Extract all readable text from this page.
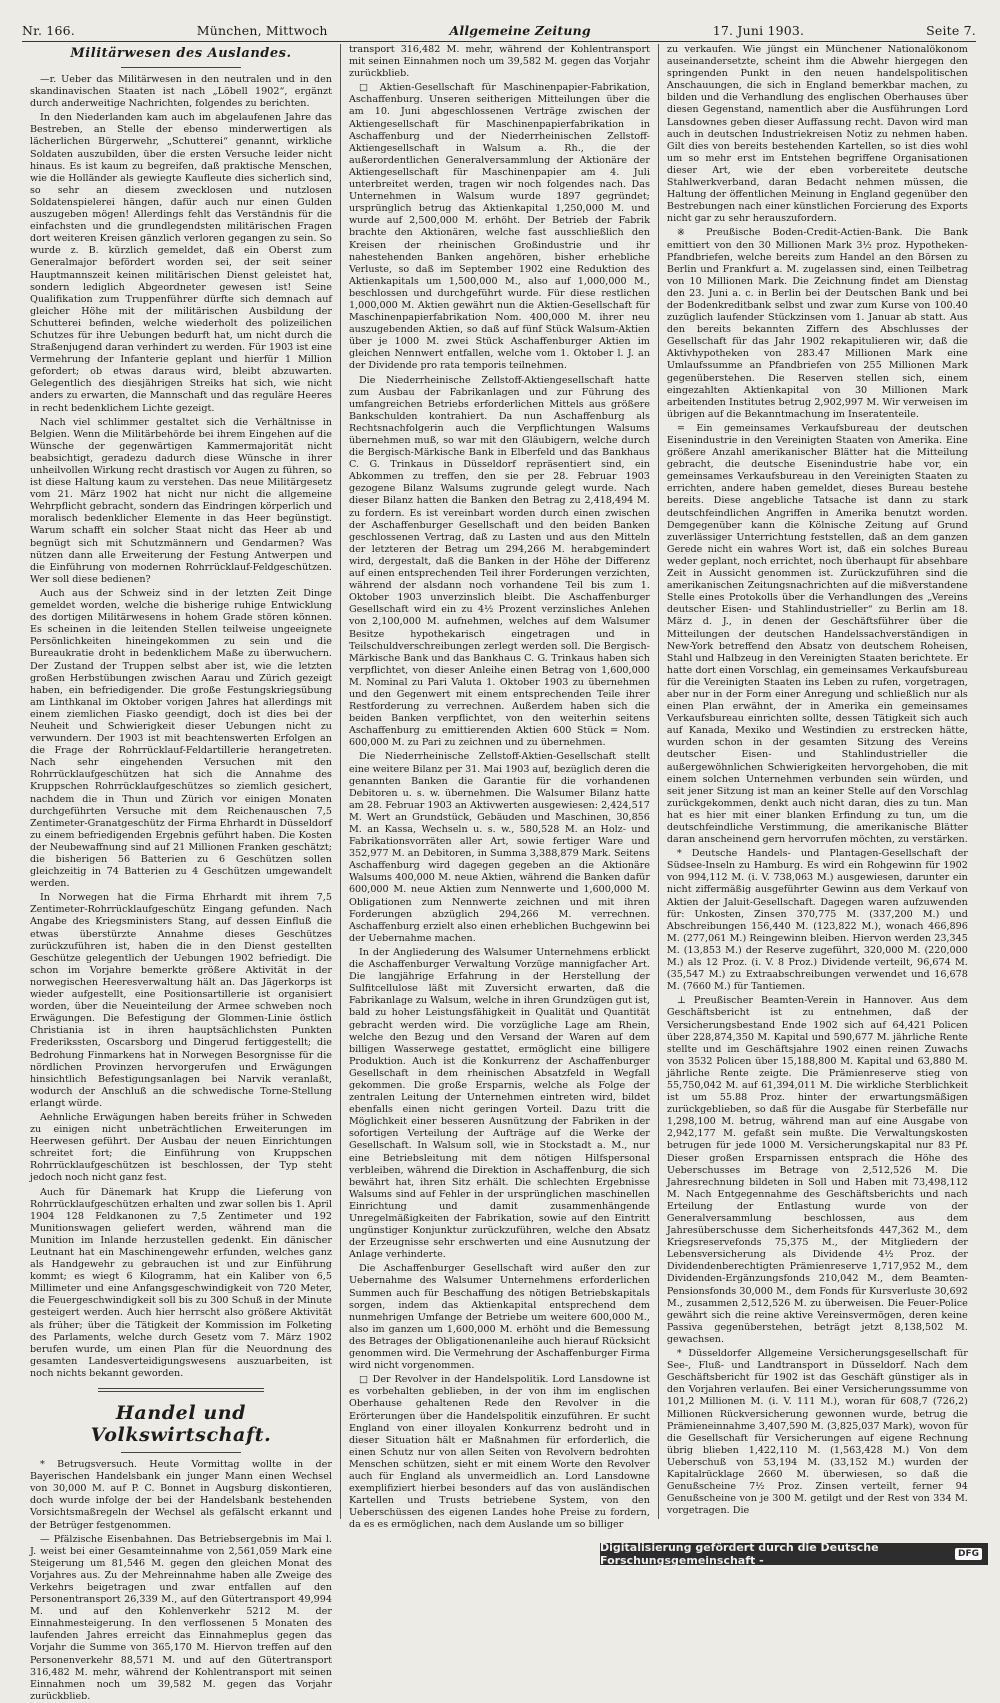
Nr. 166.	München, Mittwoch	Allgemeine Zeitung	17. Juni 1903.	Seite 7.
Militärwesen des Auslandes.

—r. Ueber das Militärwesen in den neutralen und in den skandinavischen Staaten ist nach „Löbell 1902“, ergänzt durch anderweitige Nachrichten, folgendes zu berichten.

In den Niederlanden kam auch im abgelaufenen Jahre das Bestreben, an Stelle der ebenso minderwertigen als lächerlichen Bürgerwehr, „Schutterei“ genannt, wirkliche Soldaten auszubilden, über die ersten Versuche leider nicht hinaus. Es ist kaum zu begreifen, daß praktische Menschen, wie die Holländer als gewiegte Kaufleute dies sicherlich sind, so sehr an diesem zwecklosen und nutzlosen Soldatenspielerei hängen, dafür auch nur einen Gulden auszugeben mögen! Allerdings fehlt das Verständnis für die einfachsten und die grundlegendsten militärischen Fragen dort weiteren Kreisen gänzlich verloren gegangen zu sein. So wurde z. B. kürzlich gemeldet, daß ein Oberst zum Generalmajor befördert worden sei, der seit seiner Hauptmannszeit keinen militärischen Dienst geleistet hat, sondern lediglich Abgeordneter gewesen ist! Seine Qualifikation zum Truppenführer dürfte sich demnach auf gleicher Höhe mit der militärischen Ausbildung der Schutterei befinden, welche wiederholt des polizeilichen Schutzes für ihre Uebungen bedurft hat, um nicht durch die Straßenjugend daran verhindert zu werden. Für 1903 ist eine Vermehrung der Infanterie geplant und hierfür 1 Million gefordert; ob etwas daraus wird, bleibt abzuwarten. Gelegentlich des diesjährigen Streiks hat sich, wie nicht anders zu erwarten, die Mannschaft und das reguläre Heeres in recht bedenklichem Lichte gezeigt.

Nach viel schlimmer gestaltet sich die Verhältnisse in Belgien. Wenn die Militärbehörde bei ihrem Eingehen auf die Wünsche der gegenwärtigen Kammermajorität nicht beabsichtigt, geradezu dadurch diese Wünsche in ihrer unheilvollen Wirkung recht drastisch vor Augen zu führen, so ist diese Haltung kaum zu verstehen. Das neue Militärgesetz vom 21. März 1902 hat nicht nur nicht die allgemeine Wehrpflicht gebracht, sondern das Eindringen körperlich und moralisch bedenklicher Elemente in das Heer begünstigt. Warum schafft ein solcher Staat nicht das Heer ab und begnügt sich mit Schutzmännern und Gendarmen? Was nützen dann alle Erweiterung der Festung Antwerpen und die Einführung von modernen Rohrrücklauf-Feldgeschützen. Wer soll diese bedienen?

Auch aus der Schweiz sind in der letzten Zeit Dinge gemeldet worden, welche die bisherige ruhige Entwicklung des dortigen Militärwesens in hohem Grade stören können. Es scheinen in die leitenden Stellen teilweise ungeeignete Persönlichkeiten hineingekommen zu sein und die Bureaukratie droht in bedenklichem Maße zu überwuchern. Der Zustand der Truppen selbst aber ist, wie die letzten großen Herbstübungen zwischen Aarau und Zürich gezeigt haben, ein befriedigender. Die große Festungskriegsübung am Linthkanal im Oktober vorigen Jahres hat allerdings mit einem ziemlichen Fiasko geendigt, doch ist dies bei der Neuheit und Schwierigkeit dieser Uebungen nicht zu verwundern. Der 1903 ist mit beachtenswerten Erfolgen an die Frage der Rohrrücklauf-Feldartillerie herangetreten. Nach sehr eingehenden Versuchen mit den Rohrrücklaufgeschützen hat sich die Annahme des Kruppschen Rohrrücklaufgeschützes so ziemlich gesichert, nachdem die in Thun und Zürich vor einigen Monaten durchgeführten Versuche mit dem Reichenauschen 7,5 Zentimeter-Granatgeschütz der Firma Ehrhardt in Düsseldorf zu einem befriedigenden Ergebnis geführt haben. Die Kosten der Neubewaffnung sind auf 21 Millionen Franken geschätzt; die bisherigen 56 Batterien zu 6 Geschützen sollen gleichzeitig in 74 Batterien zu 4 Geschützen umgewandelt werden.

In Norwegen hat die Firma Ehrhardt mit ihrem 7,5 Zentimeter-Rohrrücklaufgeschütz Eingang gefunden. Nach Angabe des Kriegsministers Stang, auf dessen Einfluß die etwas überstürzte Annahme dieses Geschützes zurückzuführen ist, haben die in den Dienst gestellten Geschütze gelegentlich der Uebungen 1902 befriedigt. Die schon im Vorjahre bemerkte größere Aktivität in der norwegischen Heeresverwaltung hält an. Das Jägerkorps ist wieder aufgestellt, eine Positionsartillerie ist organisiert worden, über die Neueinteilung der Armee schweben noch Erwägungen. Die Befestigung der Glommen-Linie östlich Christiania ist in ihren hauptsächlichsten Punkten Frederikssten, Oscarsborg und Dingerud fertiggestellt; die Bedrohung Finmarkens hat in Norwegen Besorgnisse für die nördlichen Provinzen hervorgerufen und Erwägungen hinsichtlich Befestigungsanlagen bei Narvik veranlaßt, wodurch der Anschluß an die schwedische Torne-Stellung erlangt würde.

Aehnliche Erwägungen haben bereits früher in Schweden zu einigen nicht unbeträchtlichen Erweiterungen im Heerwesen geführt. Der Ausbau der neuen Einrichtungen schreitet fort; die Einführung von Kruppschen Rohrrücklaufgeschützen ist beschlossen, der Typ steht jedoch noch nicht ganz fest.

Auch für Dänemark hat Krupp die Lieferung von Rohrrücklaufgeschützen erhalten und zwar sollen bis 1. April 1904 128 Feldkanonen zu 7,5 Zentimeter und 192 Munitionswagen geliefert werden, während man die Munition im Inlande herzustellen gedenkt. Ein dänischer Leutnant hat ein Maschinengewehr erfunden, welches ganz als Handgewehr zu gebrauchen ist und zur Einführung kommt; es wiegt 6 Kilogramm, hat ein Kaliber von 6,5 Millimeter und eine Anfangsgeschwindigkeit von 720 Meter, die Feuergeschwindigkeit soll bis zu 300 Schuß in der Minute gesteigert werden. Auch hier herrscht also größere Aktivität als früher; über die Tätigkeit der Kommission im Folketing des Parlaments, welche durch Gesetz vom 7. März 1902 berufen wurde, um einen Plan für die Neuordnung des gesamten Landesverteidigungswesens auszuarbeiten, ist noch nichts bekannt geworden.

Handel und Volkswirtschaft.

* Betrugsversuch. Heute Vormittag wollte in der Bayerischen Handelsbank ein junger Mann einen Wechsel von 30,000 M. auf P. C. Bonnet in Augsburg diskontieren, doch wurde infolge der bei der Handelsbank bestehenden Vorsichtsmaßregeln der Wechsel als gefälscht erkannt und der Betrüger festgenommen.

— Pfälzische Eisenbahnen. Das Betriebsergebnis im Mai l. J. weist bei einer Gesamteinnahme von 2,561,059 Mark eine Steigerung um 81,546 M. gegen den gleichen Monat des Vorjahres aus. Zu der Mehreinnahme haben alle Zweige des Verkehrs beigetragen und zwar entfallen auf den Personentransport 26,339 M., auf den Gütertransport 49,994 M. und auf den Kohlenverkehr 5212 M. der Einnahmesteigerung. In den verflossenen 5 Monaten des laufenden Jahres erreicht das Einnahmeplus gegen das Vorjahr die Summe von 365,170 M. Hiervon treffen auf den Personenverkehr 88,571 M. und auf den Gütertransport 316,482 M. mehr, während der Kohlentransport mit seinen Einnahmen noch um 39,582 M. gegen das Vorjahr zurückblieb.

transport 316,482 M. mehr, während der Kohlentransport mit seinen Einnahmen noch um 39,582 M. gegen das Vorjahr zurückblieb.

□ Aktien-Gesellschaft für Maschinenpapier-Fabrikation, Aschaffenburg. Unseren seitherigen Mitteilungen über die am 10. Juni abgeschlossenen Verträge zwischen der Aktiengesellschaft für Maschinenpapierfabrikation in Aschaffenburg und der Niederrheinischen Zellstoff-Aktiengesellschaft in Walsum a. Rh., die der außerordentlichen Generalversammlung der Aktionäre der Aktiengesellschaft für Maschinenpapier am 4. Juli unterbreitet werden, tragen wir noch folgendes nach. Das Unternehmen in Walsum wurde 1897 gegründet; ursprünglich betrug das Aktienkapital 1,250,000 M. und wurde auf 2,500,000 M. erhöht. Der Betrieb der Fabrik brachte den Aktionären, welche fast ausschließlich den Kreisen der rheinischen Großindustrie und ihr nahestehenden Banken angehören, bisher erhebliche Verluste, so daß im September 1902 eine Reduktion des Aktienkapitals um 1,500,000 M., also auf 1,000,000 M., beschlossen und durchgeführt wurde. Für diese restlichen 1,000,000 M. Aktien gewährt nun die Aktien-Gesellschaft für Maschinenpapierfabrikation Nom. 400,000 M. ihrer neu auszugebenden Aktien, so daß auf fünf Stück Walsum-Aktien über je 1000 M. zwei Stück Aschaffenburger Aktien im gleichen Nennwert entfallen, welche vom 1. Oktober l. J. an der Dividende pro rata temporis teilnehmen.

Die Niederrheinische Zellstoff-Aktiengesellschaft hatte zum Ausbau der Fabrikanlagen und zur Führung des umfangreichen Betriebs erforderlichen Mittels aus größere Bankschulden kontrahiert. Da nun Aschaffenburg als Rechtsnachfolgerin auch die Verpflichtungen Walsums übernehmen muß, so war mit den Gläubigern, welche durch die Bergisch-Märkische Bank in Elberfeld und das Bankhaus C. G. Trinkaus in Düsseldorf repräsentiert sind, ein Abkommen zu treffen, den sie per 28. Februar 1903 gezogene Bilanz Walsums zugrunde gelegt wurde. Nach dieser Bilanz hatten die Banken den Betrag zu 2,418,494 M. zu fordern. Es ist vereinbart worden durch einen zwischen der Aschaffenburger Gesellschaft und den beiden Banken geschlossenen Vertrag, daß zu Lasten und aus den Mitteln der letzteren der Betrag um 294,266 M. herabgemindert wird, dergestalt, daß die Banken in der Höhe der Differenz auf einen entsprechenden Teil ihrer Forderungen verzichten, während der alsdann noch vorhandene Teil bis zum 1. Oktober 1903 unverzinslich bleibt. Die Aschaffenburger Gesellschaft wird ein zu 4½ Prozent verzinsliches Anlehen von 2,100,000 M. aufnehmen, welches auf dem Walsumer Besitze hypothekarisch eingetragen und in Teilschuldverschreibungen zerlegt werden soll. Die Bergisch-Märkische Bank und das Bankhaus C. G. Trinkaus haben sich verpflichtet, von dieser Anleihe einen Betrag von 1,600,000 M. Nominal zu Pari Valuta 1. Oktober 1903 zu übernehmen und den Gegenwert mit einem entsprechenden Teile ihrer Restforderung zu verrechnen. Außerdem haben sich die beiden Banken verpflichtet, von den weiterhin seitens Aschaffenburg zu emittierenden Aktien 600 Stück = Nom. 600,000 M. zu Pari zu zeichnen und zu übernehmen.

Die Niederrheinische Zellstoff-Aktien-Gesellschaft stellt eine weitere Bilanz per 31. Mai 1903 auf, bezüglich deren die genannten Banken die Garantie für die vorhandenen Debitoren u. s. w. übernehmen. Die Walsumer Bilanz hatte am 28. Februar 1903 an Aktivwerten ausgewiesen: 2,424,517 M. Wert an Grundstück, Gebäuden und Maschinen, 30,856 M. an Kassa, Wechseln u. s. w., 580,528 M. an Holz- und Fabrikationsvorräten aller Art, sowie fertiger Ware und 352,977 M. an Debitoren, in Summa 3,388,879 Mark. Seitens Aschaffenburg wird dagegen gegeben an die Aktionäre Walsums 400,000 M. neue Aktien, während die Banken dafür 600,000 M. neue Aktien zum Nennwerte und 1,600,000 M. Obligationen zum Nennwerte zeichnen und mit ihren Forderungen abzüglich 294,266 M. verrechnen. Aschaffenburg erzielt also einen erheblichen Buchgewinn bei der Uebernahme machen.

In der Angliederung des Walsumer Unternehmens erblickt die Aschaffenburger Verwaltung Vorzüge mannigfacher Art. Die langjährige Erfahrung in der Herstellung der Sulfitcellulose läßt mit Zuversicht erwarten, daß die Fabrikanlage zu Walsum, welche in ihren Grundzügen gut ist, bald zu hoher Leistungsfähigkeit in Qualität und Quantität gebracht werden wird. Die vorzügliche Lage am Rhein, welche den Bezug und den Versand der Waren auf dem billigen Wasserwege gestattet, ermöglicht eine billigere Produktion. Auch ist die Konkurrenz der Aschaffenburger Gesellschaft in dem rheinischen Absatzfeld in Wegfall gekommen. Die große Ersparnis, welche als Folge der zentralen Leitung der Unternehmen eintreten wird, bildet ebenfalls einen nicht geringen Vorteil. Dazu tritt die Möglichkeit einer besseren Ausnützung der Fabriken in der sofortigen Verteilung der Aufträge auf die Werke der Gesellschaft. In Walsum soll, wie in Stockstadt a. M., nur eine Betriebsleitung mit dem nötigen Hilfspersonal verbleiben, während die Direktion in Aschaffenburg, die sich bewährt hat, ihren Sitz erhält. Die schlechten Ergebnisse Walsums sind auf Fehler in der ursprünglichen maschinellen Einrichtung und damit zusammenhängende Unregelmäßigkeiten der Fabrikation, sowie auf den Eintritt ungünstiger Konjunktur zurückzuführen, welche den Absatz der Erzeugnisse sehr erschwerten und eine Ausnutzung der Anlage verhinderte.

Die Aschaffenburger Gesellschaft wird außer den zur Uebernahme des Walsumer Unternehmens erforderlichen Summen auch für Beschaffung des nötigen Betriebskapitals sorgen, indem das Aktienkapital entsprechend dem nunmehrigen Umfange der Betriebe um weitere 600,000 M., also im ganzen um 1,600,000 M. erhöht und die Bemessung des Betrages der Obligationenanleihe auch hierauf Rücksicht genommen wird. Die Vermehrung der Aschaffenburger Firma wird nicht vorgenommen.

□ Der Revolver in der Handelspolitik. Lord Lansdowne ist es vorbehalten geblieben, in der von ihm im englischen Oberhause gehaltenen Rede den Revolver in die Erörterungen über die Handelspolitik einzuführen. Er sucht England von einer illoyalen Konkurrenz bedroht und in dieser Situation hält er Maßnahmen für erforderlich, die einen Schutz nur von allen Seiten von Revolvern bedrohten Menschen schützen, sieht er mit einem Worte den Revolver auch für England als unvermeidlich an. Lord Lansdowne exemplifiziert hierbei besonders auf das von ausländischen Kartellen und Trusts betriebene System, von den Ueberschüssen des eigenen Landes hohe Preise zu fordern, da es es ermöglichen, nach dem Auslande um so billiger

zu verkaufen. Wie jüngst ein Münchener Nationalökonom auseinandersetzte, scheint ihm die Abwehr hiergegen den springenden Punkt in den neuen handelspolitischen Anschauungen, die sich in England bemerkbar machen, zu bilden und die Verhandlung des englischen Oberhauses über diesen Gegenstand, namentlich aber die Ausführungen Lord Lansdownes geben dieser Auffassung recht. Davon wird man auch in deutschen Industriekreisen Notiz zu nehmen haben. Gilt dies von bereits bestehenden Kartellen, so ist dies wohl um so mehr erst im Entstehen begriffene Organisationen dieser Art, wie der eben vorbereitete deutsche Stahlwerkverband, daran Bedacht nehmen müssen, die Haltung der öffentlichen Meinung in England gegenüber den Bestrebungen nach einer künstlichen Forcierung des Exports nicht gar zu sehr herauszufordern.

※ Preußische Boden-Credit-Actien-Bank. Die Bank emittiert von den 30 Millionen Mark 3½ proz. Hypotheken-Pfandbriefen, welche bereits zum Handel an den Börsen zu Berlin und Frankfurt a. M. zugelassen sind, einen Teilbetrag von 10 Millionen Mark. Die Zeichnung findet am Dienstag den 23. Juni a. c. in Berlin bei der Deutschen Bank und bei der Bodenkreditbank selbst und zwar zum Kurse von 100.40 zuzüglich laufender Stückzinsen vom 1. Januar ab statt. Aus den bereits bekannten Ziffern des Abschlusses der Gesellschaft für das Jahr 1902 rekapitulieren wir, daß die Aktivhypotheken von 283.47 Millionen Mark eine Umlaufssumme an Pfandbriefen von 255 Millionen Mark gegenüberstehen. Die Reserven stellen sich, einem eingezahlten Aktienkapital von 30 Millionen Mark arbeitenden Institutes betrug 2,902,997 M. Wir verweisen im übrigen auf die Bekanntmachung im Inseratenteile.

= Ein gemeinsames Verkaufsbureau der deutschen Eisenindustrie in den Vereinigten Staaten von Amerika. Eine größere Anzahl amerikanischer Blätter hat die Mitteilung gebracht, die deutsche Eisenindustrie habe vor, ein gemeinsames Verkaufsbureau in den Vereinigten Staaten zu errichten, andere haben gemeldet, dieses Bureau bestehe bereits. Diese angebliche Tatsache ist dann zu stark deutschfeindlichen Angriffen in Amerika benutzt worden. Demgegenüber kann die Kölnische Zeitung auf Grund zuverlässiger Unterrichtung feststellen, daß an dem ganzen Gerede nicht ein wahres Wort ist, daß ein solches Bureau weder geplant, noch errichtet, noch überhaupt für absehbare Zeit in Aussicht genommen ist. Zurückzuführen sind die amerikanischen Zeitungsnachrichten auf die mißverstandene Stelle eines Protokolls über die Verhandlungen des „Vereins deutscher Eisen- und Stahlindustrieller“ zu Berlin am 18. März d. J., in denen der Geschäftsführer über die Mitteilungen der deutschen Handelssachverständigen in New-York betreffend den Absatz von deutschem Roheisen, Stahl und Halbzeug in den Vereinigten Staaten berichtete. Er hatte dort einen Vorschlag, ein gemeinsames Verkaufsbureau für die Vereinigten Staaten ins Leben zu rufen, vorgetragen, aber nur in der Form einer Anregung und schließlich nur als einen Plan erwähnt, der in Amerika ein gemeinsames Verkaufsbureau einrichten sollte, dessen Tätigkeit sich auch auf Kanada, Mexiko und Westindien zu erstrecken hätte, wurden schon in der gesamten Sitzung des Vereins deutscher Eisen- und Stahlindustrieller die außergewöhnlichen Schwierigkeiten hervorgehoben, die mit einem solchen Unternehmen verbunden sein würden, und seit jener Sitzung ist man an keiner Stelle auf den Vorschlag zurückgekommen, denkt auch nicht daran, dies zu tun. Man hat es hier mit einer blanken Erfindung zu tun, um die deutschfeindliche Verstimmung, die amerikanische Blätter daran anscheinend gern hervorrufen möchten, zu verstärken.

* Deutsche Handels- und Plantagen-Gesellschaft der Südsee-Inseln zu Hamburg. Es wird ein Rohgewinn für 1902 von 994,112 M. (i. V. 738,063 M.) ausgewiesen, darunter ein nicht ziffermäßig ausgeführter Gewinn aus dem Verkauf von Aktien der Jaluit-Gesellschaft. Dagegen waren aufzuwenden für: Unkosten, Zinsen 370,775 M. (337,200 M.) und Abschreibungen 156,440 M. (123,822 M.), wonach 466,896 M. (277,061 M.) Reingewinn bleiben. Hiervon werden 23,345 M. (13,853 M.) der Reserve zugeführt, 320,000 M. (220,000 M.) als 12 Proz. (i. V. 8 Proz.) Dividende verteilt, 96,674 M. (35,547 M.) zu Extraabschreibungen verwendet und 16,678 M. (7660 M.) für Tantiemen.

⊥ Preußischer Beamten-Verein in Hannover. Aus dem Geschäftsbericht ist zu entnehmen, daß der Versicherungsbestand Ende 1902 sich auf 64,421 Policen über 228,874,350 M. Kapital und 590,677 M. jährliche Rente stellte und im Geschäftsjahre 1902 einen reinen Zuwachs von 3532 Policen über 15,188,800 M. Kapital und 63,880 M. jährliche Rente zeigte. Die Prämienreserve stieg von 55,750,042 M. auf 61,394,011 M. Die wirkliche Sterblichkeit ist um 55.88 Proz. hinter der erwartungsmäßigen zurückgeblieben, so daß für die Ausgabe für Sterbefälle nur 1,298,100 M. betrug, während man auf eine Ausgabe von 2,942,177 M. gefaßt sein mußte. Die Verwaltungskosten betrugen für jede 1000 M. Versicherungskapital nur 83 Pf. Dieser großen Ersparnissen entsprach die Höhe des Ueberschusses im Betrage von 2,512,526 M. Die Jahresrechnung bildeten in Soll und Haben mit 73,498,112 M. Nach Entgegennahme des Geschäftsberichts und nach Erteilung der Entlastung wurde von der Generalversammlung beschlossen, aus dem Jahresüberschusse dem Sicherheitsfonds 447,362 M., dem Kriegsreservefonds 75,375 M., der Mitgliedern der Lebensversicherung als Dividende 4½ Proz. der Dividendenberechtigten Prämienreserve 1,717,952 M., dem Dividenden-Ergänzungsfonds 210,042 M., dem Beamten-Pensionsfonds 30,000 M., dem Fonds für Kursverluste 30,692 M., zusammen 2,512,526 M. zu überweisen. Die Feuer-Police gewährt sich die reine aktive Vereinsvermögen, deren keine Passiva gegenüberstehen, beträgt jetzt 8,138,502 M. gewachsen.

* Düsseldorfer Allgemeine Versicherungsgesellschaft für See-, Fluß- und Landtransport in Düsseldorf. Nach dem Geschäftsbericht für 1902 ist das Geschäft günstiger als in den Vorjahren verlaufen. Bei einer Versicherungssumme von 101,2 Millionen M. (i. V. 111 M.), woran für 608,7 (726,2) Millionen Rückversicherung gewonnen wurde, betrug die Prämieneinnahme 3,407,590 M. (3,825,037 Mark), wovon für die Gesellschaft für Versicherungen auf eigene Rechnung übrig blieben 1,422,110 M. (1,563,428 M.) Von dem Ueberschuß von 53,194 M. (33,152 M.) wurden der Kapitalrücklage 2660 M. überwiesen, so daß die Genußscheine 7½ Proz. Zinsen verteilt, ferner 94 Genußscheine von je 300 M. getilgt und der Rest von 334 M. vorgetragen. Die

Digitalisierung gefördert durch die Deutsche Forschungsgemeinschaft -	DFG
